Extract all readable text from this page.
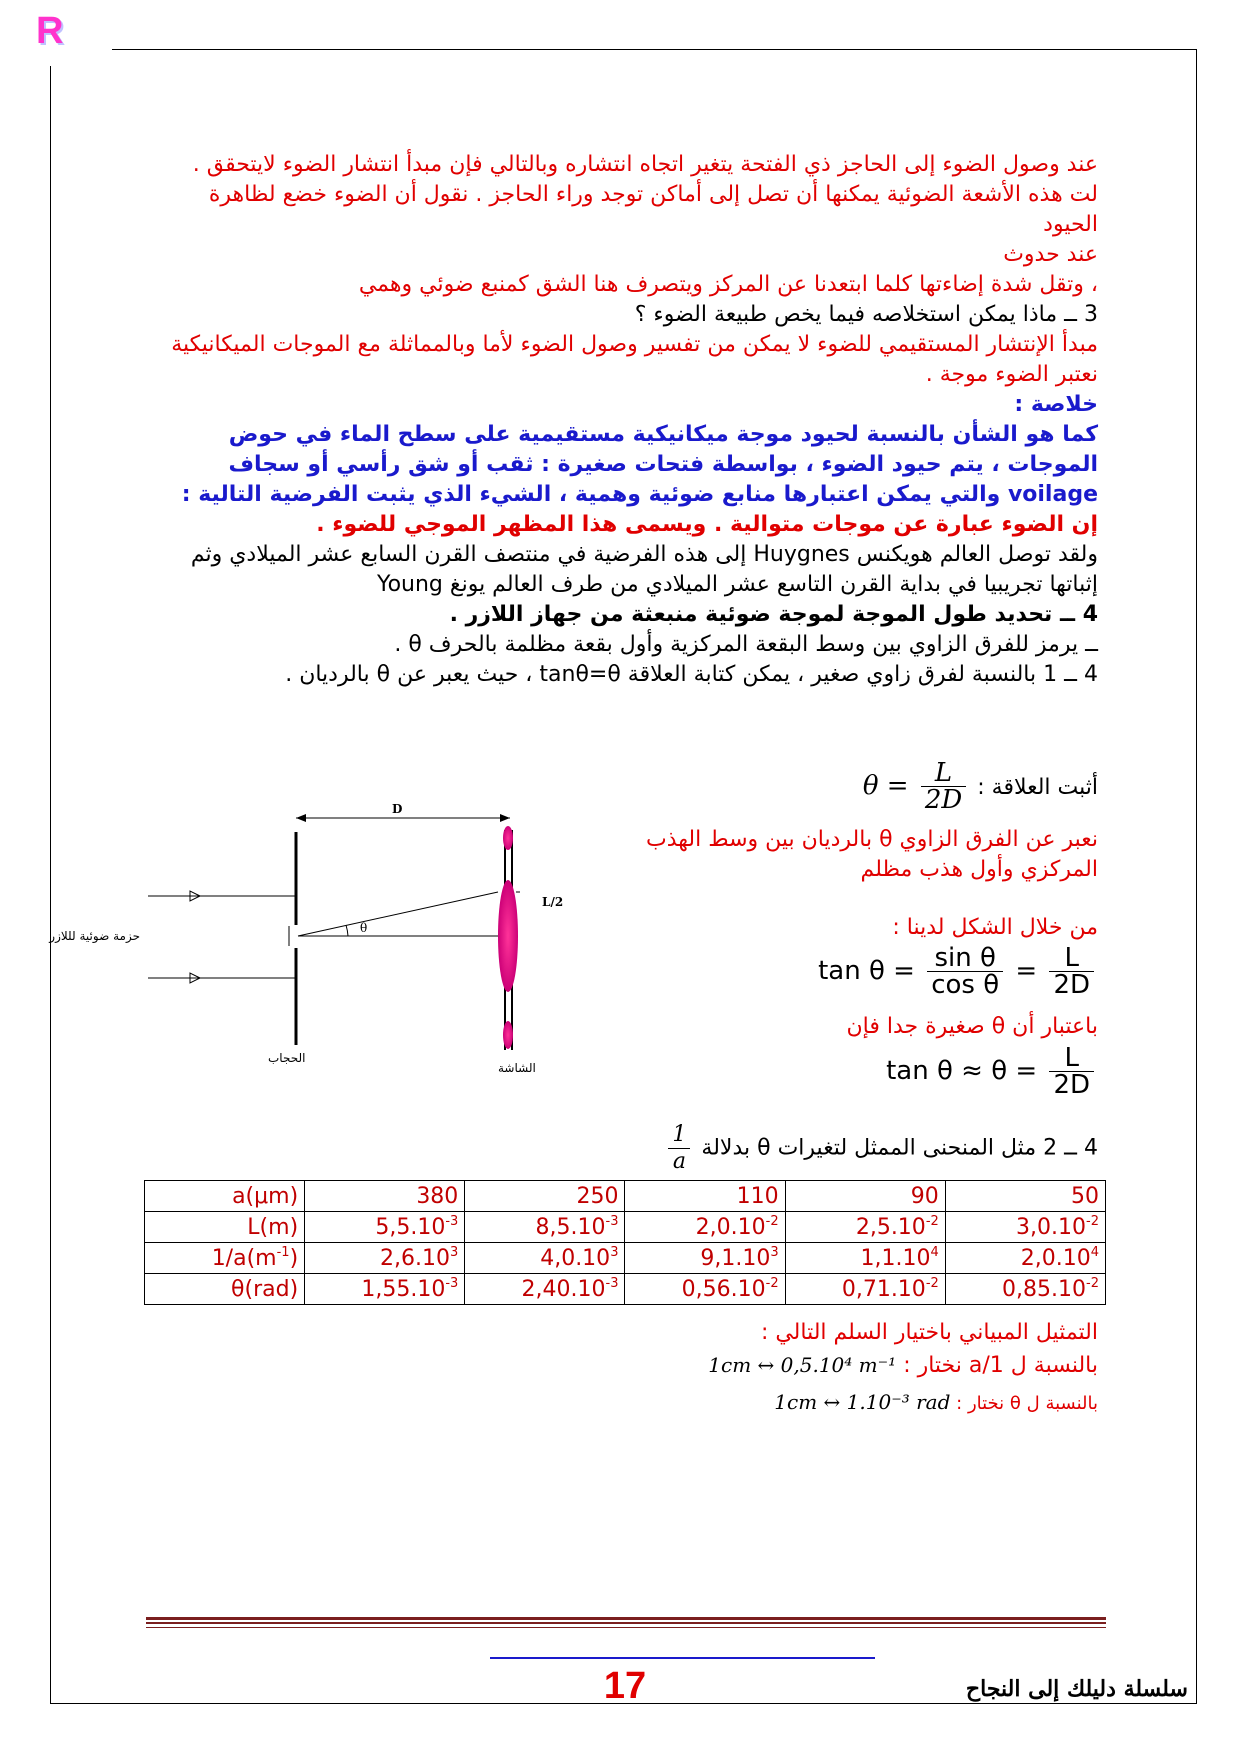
R

عند وصول الضوء إلى الحاجز ذي الفتحة يتغير اتجاه انتشاره وبالتالي فإن مبدأ انتشار الضوء لايتحقق . لت هذه الأشعة الضوئية يمكنها أن تصل إلى أماكن توجد وراء الحاجز . نقول أن الضوء خضع لظاهرة الحيود

عند حدوث

، وتقل شدة إضاءتها كلما ابتعدنا عن المركز ويتصرف هنا الشق كمنبع ضوئي وهمي

3 ــ ماذا يمكن استخلاصه فيما يخص طبيعة الضوء ؟

مبدأ الإنتشار المستقيمي للضوء لا يمكن من تفسير وصول الضوء لأما وبالمماثلة مع الموجات الميكانيكية نعتبر الضوء موجة .

خلاصة :

كما هو الشأن بالنسبة لحيود موجة ميكانيكية مستقيمية على سطح الماء في حوض الموجات ، يتم حيود الضوء ، بواسطة فتحات صغيرة : ثقب أو شق رأسي أو سجاف voilage والتي يمكن اعتبارها منابع ضوئية وهمية ، الشيء الذي يثبت الفرضية التالية :

إن الضوء عبارة عن موجات متوالية . ويسمى هذا المظهر الموجي للضوء .

ولقد توصل العالم هويكنس Huygnes إلى هذه الفرضية في منتصف القرن السابع عشر الميلادي وثم إثباتها تجريبيا في بداية القرن التاسع عشر الميلادي من طرف العالم يونغ Young

4 ــ تحديد طول الموجة لموجة ضوئية منبعثة من جهاز اللازر .

ــ يرمز للفرق الزاوي بين وسط البقعة المركزية وأول بقعة مظلمة بالحرف θ .

4 ــ 1 بالنسبة لفرق زاوي صغير ، يمكن كتابة العلاقة tanθ=θ ، حيث يعبر عن θ بالرديان .

أثبت العلاقة : $\theta = \frac{L}{2D}$
نعبر عن الفرق الزاوي θ بالرديان بين وسط الهذب المركزي وأول هذب مظلم
من خلال الشكل لدينا :
$\tan \theta = \frac{\text{sin θ}}{\text{cos θ}} = \frac{L}{2D}$
باعتبار أن θ صغيرة جدا فإن
$\tan \theta \approx \theta = \frac{L}{2D}$
4 ــ 2 مثل المنحنى الممثل لتغيرات θ بدلالة
$\frac{1}{a}$
D
حزمة ضوئية لللازر
θ
L/2
الحجاب
الشاشة
a(μm)	380	250	110	90	50
L(m)	$5,5.10^{-3}$	$8,5.10^{-3}$	$2,0.10^{-2}$	$2,5.10^{-2}$	$3,0.10^{-2}$
$1/a(m^{-1})$	2,6.10$^3$	4,0.10$^3$	9,1.10$^3$	1,1.10$^4$	2,0.10$^4$
θ(rad)	$1,55.10^{-3}$	$2,40.10^{-3}$	$0,56.10^{-2}$	$0,71.10^{-2}$	$0,85.10^{-2}$
التمثيل المبياني باختيار السلم التالي :
بالنسبة ل 1/a نختار : 1cm ↔ 0,5.10⁴ m⁻¹
بالنسبة ل θ نختار : 1cm ↔ 1.10⁻³ rad
17	سلسلة دليلك إلى النجاح
